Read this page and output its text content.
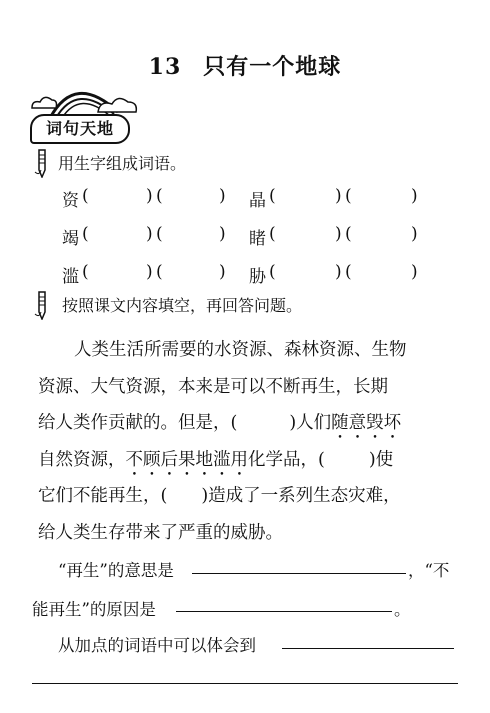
13 只有一个地球
词句天地
用生字组成词语。
资 (	) (	) 晶 (	) (	)
竭 (	) (	) 睹 (	) (	)
滥 (	) (	) 胁 (	) (	)
按照课文内容填空，再回答问题。
人类生活所需要的水资源、森林资源、生物
资源、大气资源，本来是可以不断再生，长期
给人类作贡献的。但是，(	)人们随意毁坏
自然资源，不顾后果地滥用化学品，(	)使
它们不能再生，( )造成了一系列生态灾难，
给人类生存带来了严重的威胁。
“再生”的意思是	，“不
能再生”的原因是	。
从加点的词语中可以体会到
